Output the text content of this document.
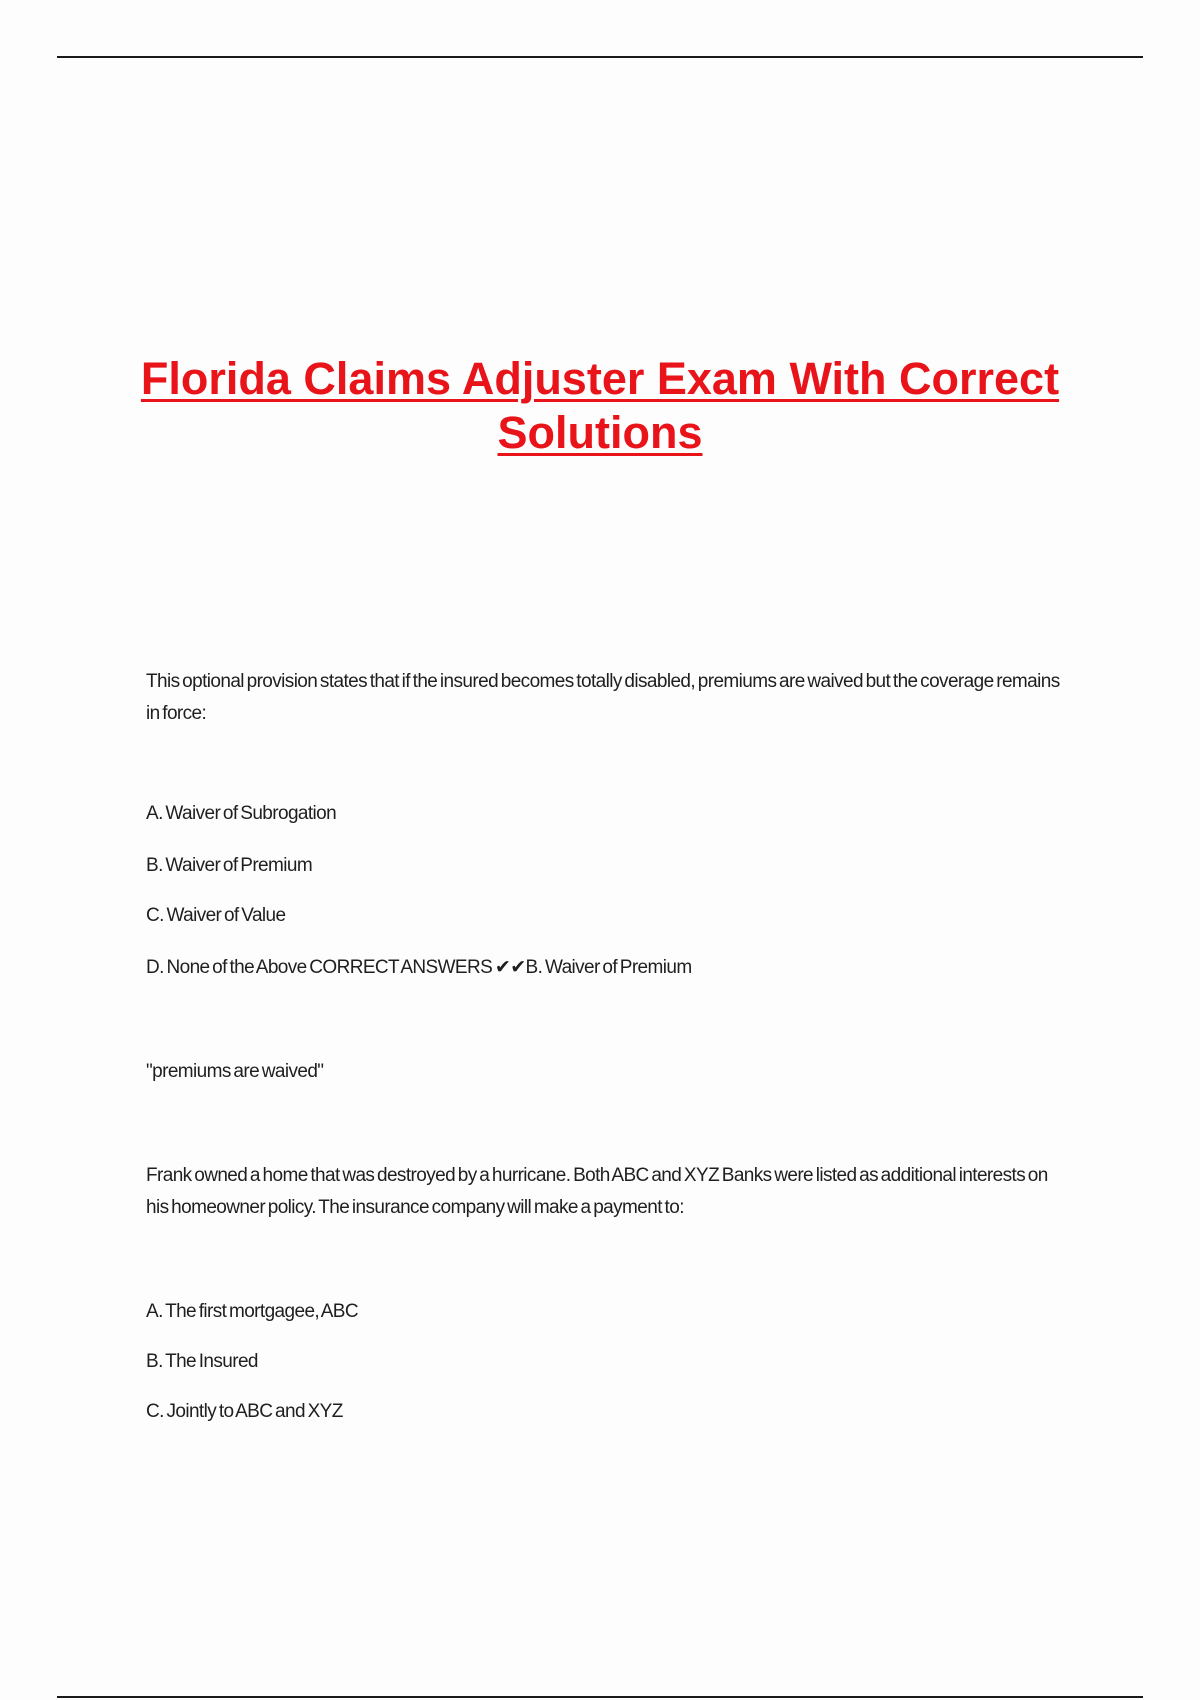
Florida Claims Adjuster Exam With Correct Solutions

This optional provision states that if the insured becomes totally disabled, premiums are waived but the coverage remains in force:

A. Waiver of Subrogation

B. Waiver of Premium

C. Waiver of Value

D. None of the Above CORRECT ANSWERS ✔✔B. Waiver of Premium

"premiums are waived"

Frank owned a home that was destroyed by a hurricane. Both ABC and XYZ Banks were listed as additional interests on his homeowner policy. The insurance company will make a payment to:

A. The first mortgagee, ABC

B. The Insured

C. Jointly to ABC and XYZ
